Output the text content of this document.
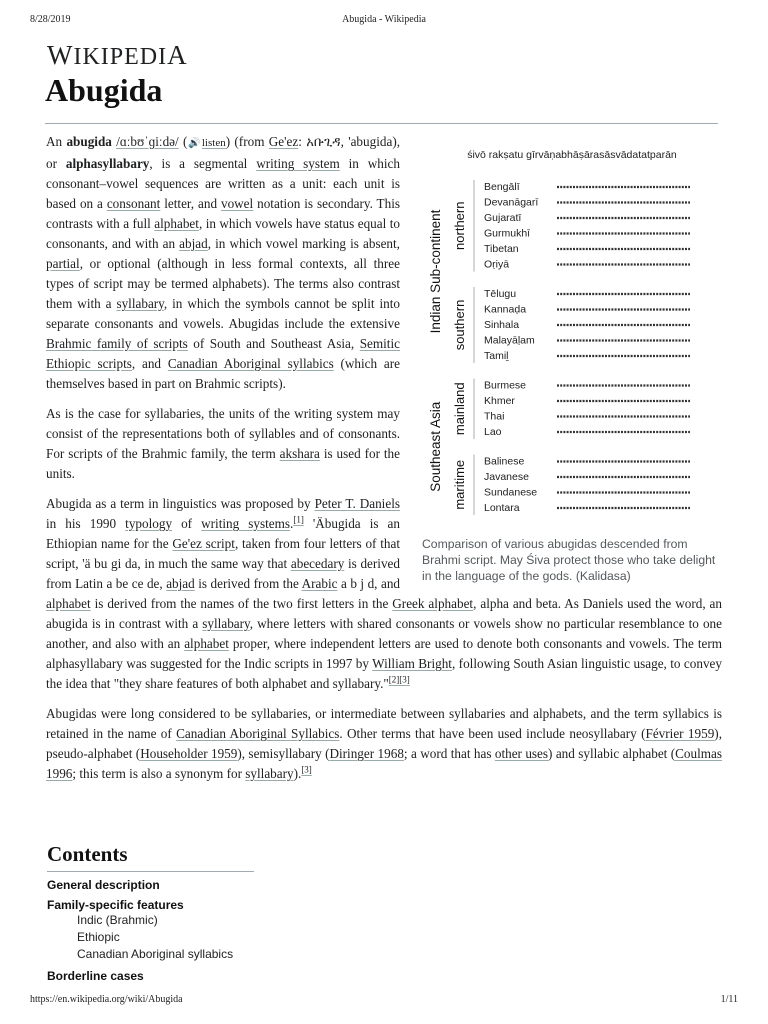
8/28/2019	Abugida - Wikipedia
WIKIPEDIA
Abugida
śivō rakṣatu gīrvāṇabhāṣārasāsvādatatparān
Bengālī
Devanāgarī
Gujaratī
Gurmukhī
Tibetan
Oṛiyā
Tēlugu
Kannaḍa
Sinhala
Malayāḷam
Tamiḻ
Burmese
Khmer
Thai
Lao
Balinese
Javanese
Sundanese
Lontara
northern
southern
mainland
maritime
Indian Sub-continent
Southeast Asia
Comparison of various abugidas descended from Brahmi script. May Śiva protect those who take delight in the language of the gods. (Kalidasa)

An abugida /ɑːbʊˈɡiːdə/ (🔊listen) (from Ge'ez: አቡጊዳ, 'abugida), or alphasyllabary, is a segmental writing system in which consonant–vowel sequences are written as a unit: each unit is based on a consonant letter, and vowel notation is secondary. This contrasts with a full alphabet, in which vowels have status equal to consonants, and with an abjad, in which vowel marking is absent, partial, or optional (although in less formal contexts, all three types of script may be termed alphabets). The terms also contrast them with a syllabary, in which the symbols cannot be split into separate consonants and vowels. Abugidas include the extensive Brahmic family of scripts of South and Southeast Asia, Semitic Ethiopic scripts, and Canadian Aboriginal syllabics (which are themselves based in part on Brahmic scripts).

As is the case for syllabaries, the units of the writing system may consist of the representations both of syllables and of consonants. For scripts of the Brahmic family, the term akshara is used for the units.

Abugida as a term in linguistics was proposed by Peter T. Daniels in his 1990 typology of writing systems.[1] 'Äbugida is an Ethiopian name for the Ge'ez script, taken from four letters of that script, 'ä bu gi da, in much the same way that abecedary is derived from Latin a be ce de, abjad is derived from the Arabic a b j d, and alphabet is derived from the names of the two first letters in the Greek alphabet, alpha and beta. As Daniels used the word, an abugida is in contrast with a syllabary, where letters with shared consonants or vowels show no particular resemblance to one another, and also with an alphabet proper, where independent letters are used to denote both consonants and vowels. The term alphasyllabary was suggested for the Indic scripts in 1997 by William Bright, following South Asian linguistic usage, to convey the idea that "they share features of both alphabet and syllabary."[2][3]

Abugidas were long considered to be syllabaries, or intermediate between syllabaries and alphabets, and the term syllabics is retained in the name of Canadian Aboriginal Syllabics. Other terms that have been used include neosyllabary (Février 1959), pseudo-alphabet (Householder 1959), semisyllabary (Diringer 1968; a word that has other uses) and syllabic alphabet (Coulmas 1996; this term is also a synonym for syllabary).[3]

Contents
General description
Family-specific features
Indic (Brahmic)
Ethiopic
Canadian Aboriginal syllabics
Borderline cases
https://en.wikipedia.org/wiki/Abugida	1/11
